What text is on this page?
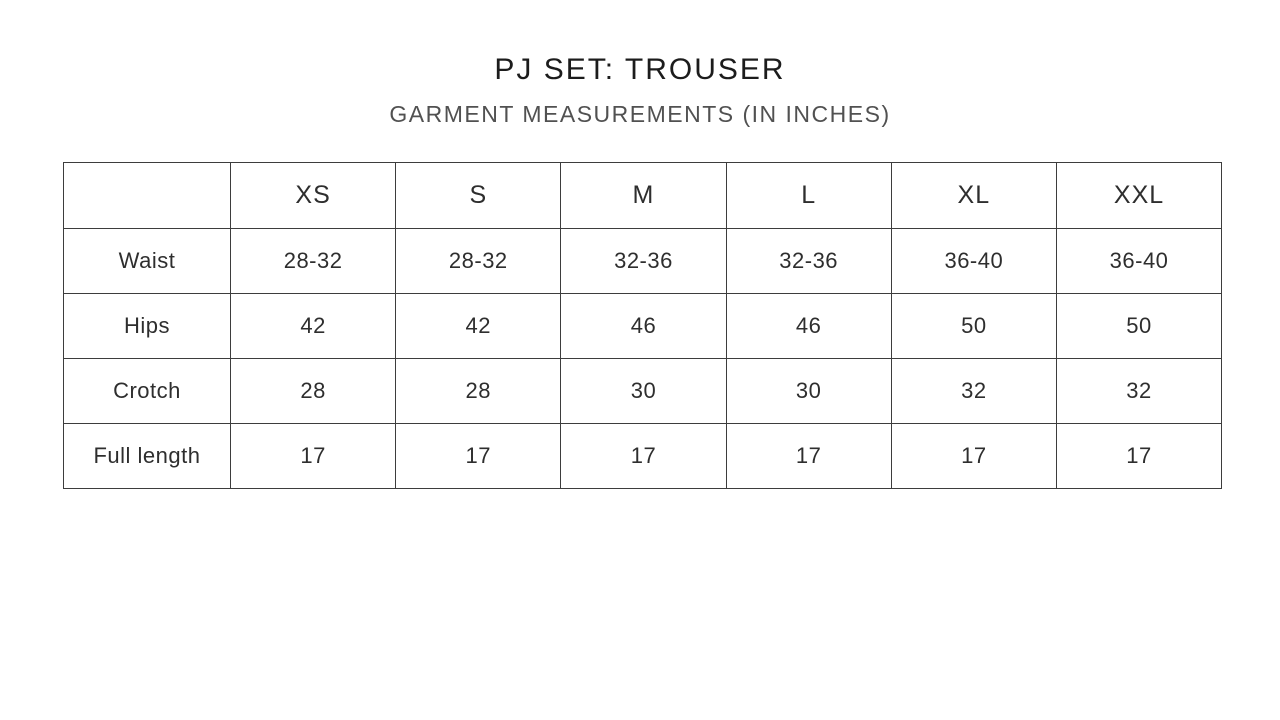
PJ SET: TROUSER
GARMENT MEASUREMENTS (IN INCHES)
	XS	S	M	L	XL	XXL
Waist	28-32	28-32	32-36	32-36	36-40	36-40
Hips	42	42	46	46	50	50
Crotch	28	28	30	30	32	32
Full length	17	17	17	17	17	17
